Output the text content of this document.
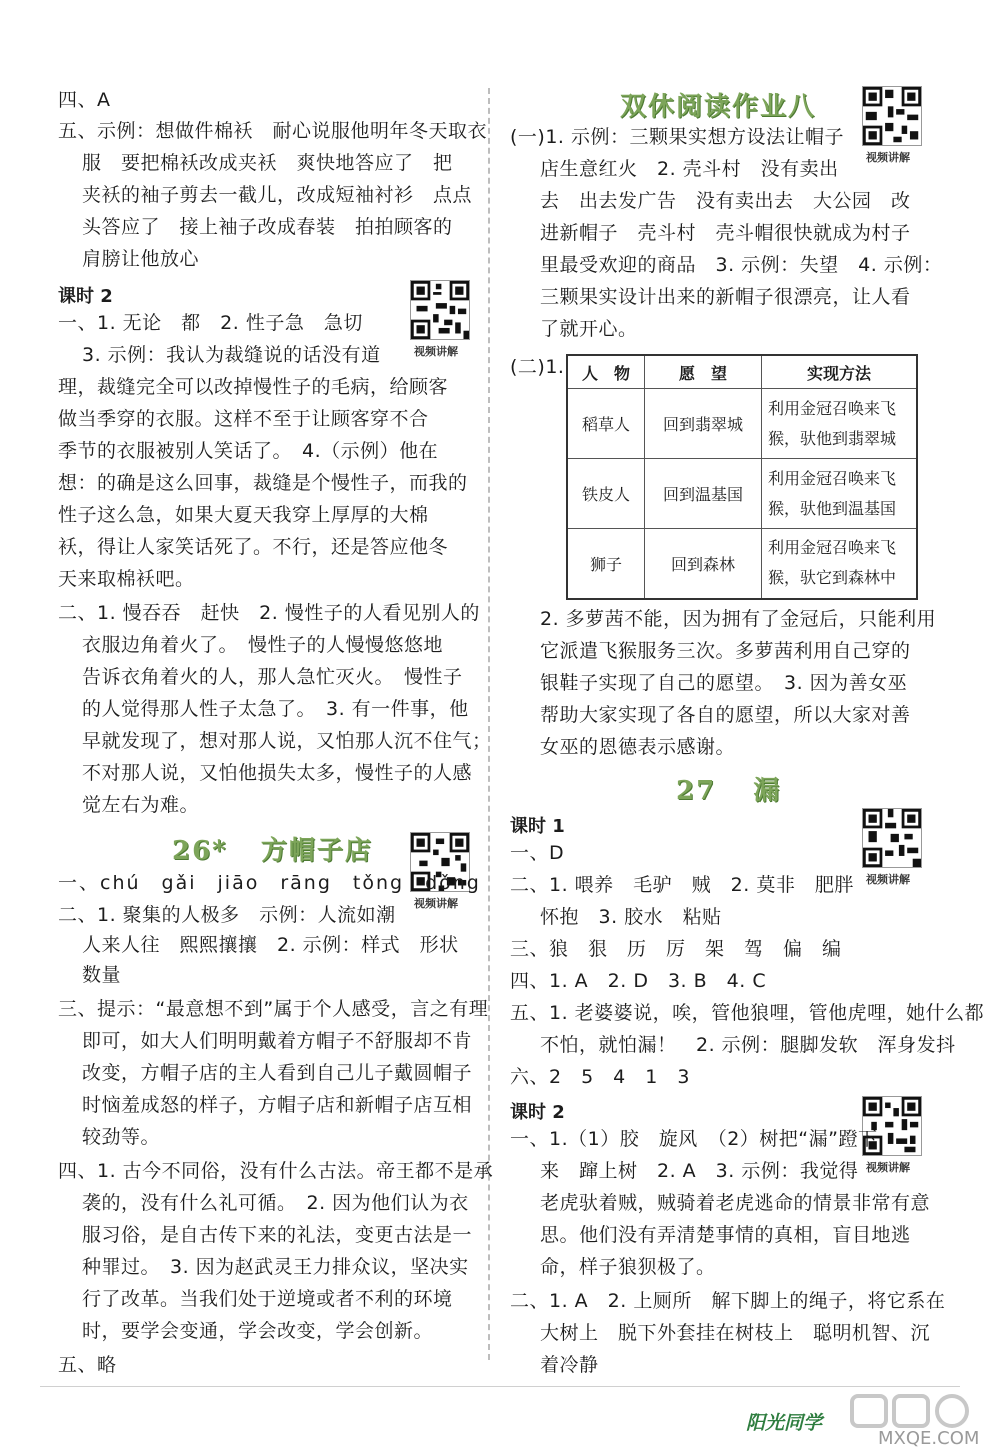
四、A
五、示例：想做件棉袄　耐心说服他明年冬天取衣
服　要把棉袄改成夹袄　爽快地答应了　把
夹袄的袖子剪去一截儿，改成短袖衬衫　点点
头答应了　接上袖子改成春装　拍拍顾客的
肩膀让他放心
课时 2
视频讲解
一、1. 无论　都　2. 性子急　急切
3. 示例：我认为裁缝说的话没有道
理，裁缝完全可以改掉慢性子的毛病，给顾客
做当季穿的衣服。这样不至于让顾客穿不合
季节的衣服被别人笑话了。　4.（示例）他在
想：的确是这么回事，裁缝是个慢性子，而我的
性子这么急，如果大夏天我穿上厚厚的大棉
袄，得让人家笑话死了。不行，还是答应他冬
天来取棉袄吧。
二、1. 慢吞吞　赶快　2. 慢性子的人看见别人的
衣服边角着火了。　慢性子的人慢慢悠悠地
告诉衣角着火的人，那人急忙灭火。　慢性子
的人觉得那人性子太急了。　3. 有一件事，他
早就发现了，想对那人说，又怕那人沉不住气；
不对那人说，又怕他损失太多，慢性子的人感
觉左右为难。
26* 方帽子店
视频讲解
一、chú　gǎi　jiāo　rāng　tǒng　dǒng
二、1. 聚集的人极多　示例：人流如潮
人来人往　熙熙攘攘　2. 示例：样式　形状
数量
三、提示：“最意想不到”属于个人感受，言之有理
即可，如大人们明明戴着方帽子不舒服却不肯
改变，方帽子店的主人看到自己儿子戴圆帽子
时恼羞成怒的样子，方帽子店和新帽子店互相
较劲等。
四、1. 古今不同俗，没有什么古法。帝王都不是承
袭的，没有什么礼可循。　2. 因为他们认为衣
服习俗，是自古传下来的礼法，变更古法是一
种罪过。　3. 因为赵武灵王力排众议，坚决实
行了改革。当我们处于逆境或者不利的环境
时，要学会变通，学会改变，学会创新。
五、略
双休阅读作业八
视频讲解
(一)1. 示例：三颗果实想方设法让帽子
店生意红火　2. 壳斗村　没有卖出
去　出去发广告　没有卖出去　大公园　改
进新帽子　壳斗村　壳斗帽很快就成为村子
里最受欢迎的商品　3. 示例：失望　4. 示例：
三颗果实设计出来的新帽子很漂亮，让人看
了就开心。
(二)1. 人　物	愿　望	实现方法
稻草人	回到翡翠城	利用金冠召唤来飞
猴，驮他到翡翠城

铁皮人	回到温基国	利用金冠召唤来飞
猴，驮他到温基国

狮子	回到森林	利用金冠召唤来飞
猴，驮它到森林中
2. 多萝茜不能，因为拥有了金冠后，只能利用
它派遣飞猴服务三次。多萝茜利用自己穿的
银鞋子实现了自己的愿望。　3. 因为善女巫
帮助大家实现了各自的愿望，所以大家对善
女巫的恩德表示感谢。
27 漏
课时 1
视频讲解
一、D
二、1. 喂养　毛驴　贼　2. 莫非　肥胖
怀抱　3. 胶水　粘贴
三、狼　狠　历　厉　架　驾　偏　编
四、1. A　2. D　3. B　4. C
五、1. 老婆婆说，唉，管他狼哩，管他虎哩，她什么都
不怕，就怕漏！　2. 示例：腿脚发软　浑身发抖
六、2　5　4　1　3
课时 2
视频讲解
一、1.（1）胶　旋风　（2）树把“漏”蹬下
来　蹿上树　2. A　3. 示例：我觉得
老虎驮着贼，贼骑着老虎逃命的情景非常有意
思。他们没有弄清楚事情的真相，盲目地逃
命，样子狼狈极了。
二、1. A　2. 上厕所　解下脚上的绳子，将它系在
大树上　脱下外套挂在树枝上　聪明机智、沉
着冷静
阳光同学
MXQE.COM
